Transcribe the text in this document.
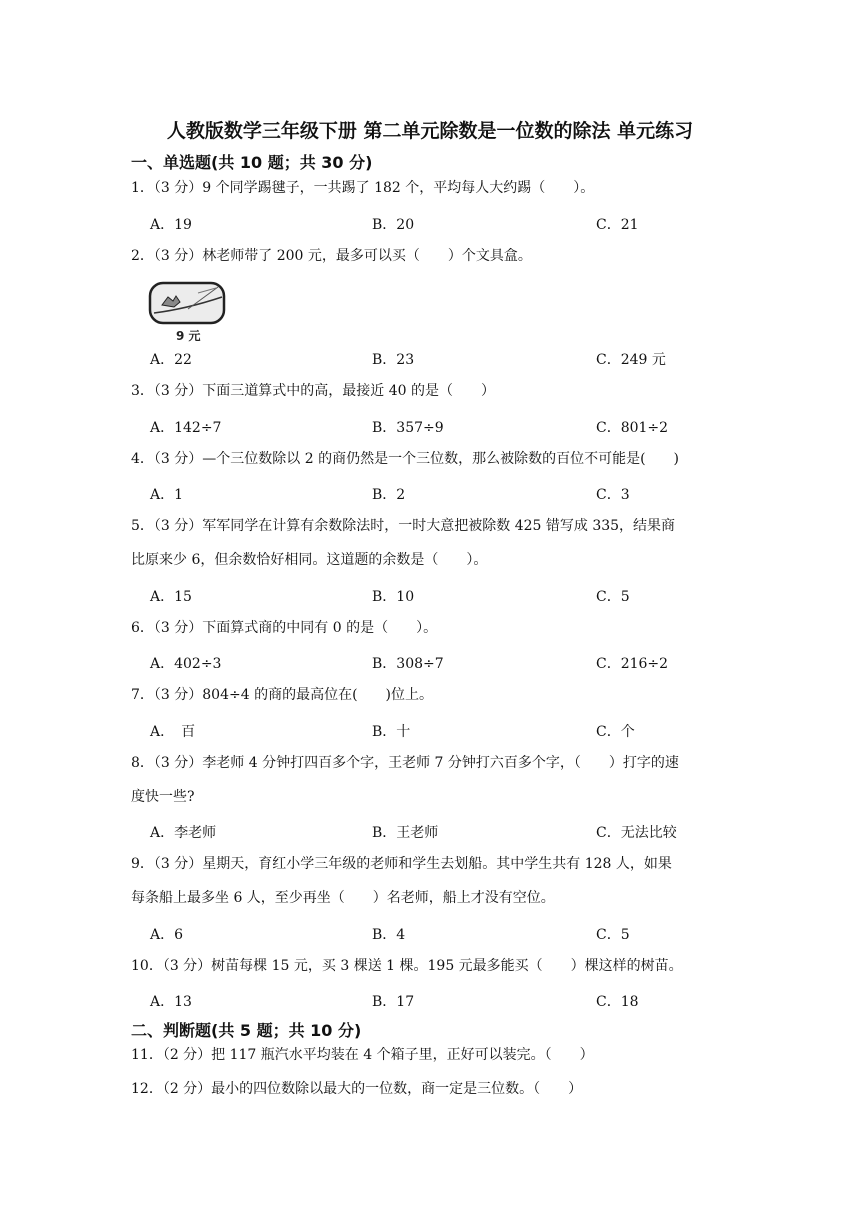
人教版数学三年级下册 第二单元除数是一位数的除法 单元练习
一、单选题(共 10 题；共 30 分)
1．（3 分）9 个同学踢毽子，一共踢了 182 个，平均每人大约踢（　　）。
A．19	B．20	C．21
2．（3 分）林老师带了 200 元，最多可以买（　　）个文具盒。
9 元
A．22	B．23	C．249 元
3．（3 分）下面三道算式中的高，最接近 40 的是（　　）
A．142÷7	B．357÷9	C．801÷2
4．（3 分）—个三位数除以 2 的商仍然是一个三位数，那么被除数的百位不可能是(　　)
A．1	B．2	C．3
5．（3 分）军军同学在计算有余数除法时，一时大意把被除数 425 错写成 335，结果商
比原来少 6，但余数恰好相同。这道题的余数是（　　）。
A．15	B．10	C．5
6．（3 分）下面算式商的中同有 0 的是（　　）。
A．402÷3	B．308÷7	C．216÷2
7．（3 分）804÷4 的商的最高位在(　　)位上。
A．　百	B．十	C．个
8．（3 分）李老师 4 分钟打四百多个字，王老师 7 分钟打六百多个字，（　　）打字的速
度快一些?
A．李老师	B．王老师	C．无法比较
9．（3 分）星期天，育红小学三年级的老师和学生去划船。其中学生共有 128 人，如果
每条船上最多坐 6 人，至少再坐（　　）名老师，船上才没有空位。
A．6	B．4	C．5
10．（3 分）树苗每棵 15 元，买 3 棵送 1 棵。195 元最多能买（　　）棵这样的树苗。
A．13	B．17	C．18
二、判断题(共 5 题；共 10 分)
11．（2 分）把 117 瓶汽水平均装在 4 个箱子里，正好可以装完。（　　）
12．（2 分）最小的四位数除以最大的一位数，商一定是三位数。（　　）
